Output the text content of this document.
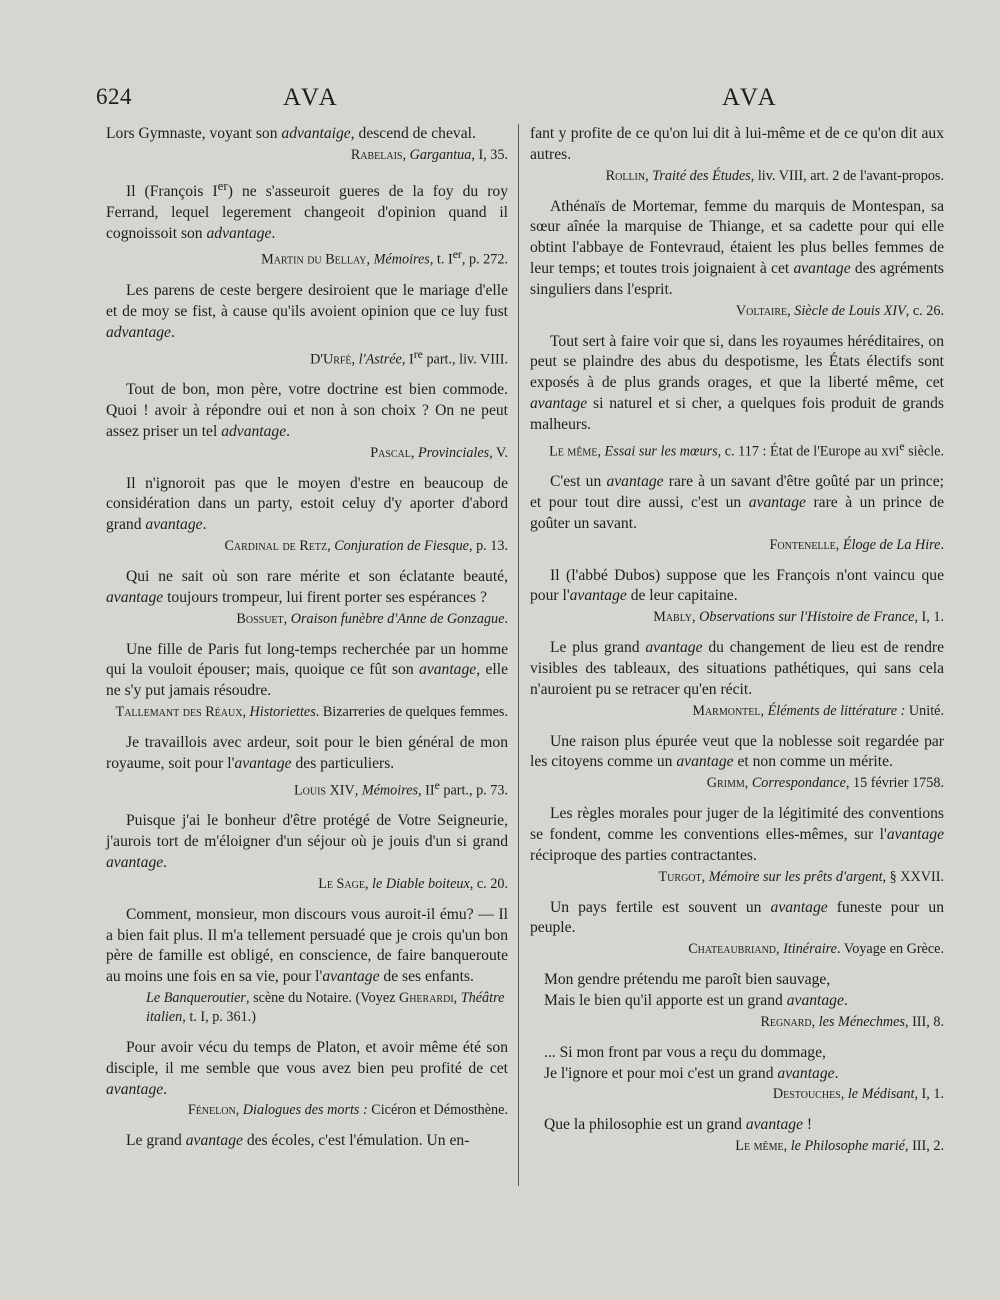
624	AVA	AVA

Lors Gymnaste, voyant son advantaige, descend de cheval.

Rabelais, Gargantua, I, 35.

Il (François Ier) ne s'asseuroit gueres de la foy du roy Ferrand, lequel legerement changeoit d'opinion quand il cognoissoit son advantage.

Martin du Bellay, Mémoires, t. Ier, p. 272.

Les parens de ceste bergere desiroient que le mariage d'elle et de moy se fist, à cause qu'ils avoient opinion que ce luy fust advantage.

D'Urfé, l'Astrée, Ire part., liv. VIII.

Tout de bon, mon père, votre doctrine est bien commode. Quoi ! avoir à répondre oui et non à son choix ? On ne peut assez priser un tel advantage.

Pascal, Provinciales, V.

Il n'ignoroit pas que le moyen d'estre en beaucoup de considération dans un party, estoit celuy d'y aporter d'abord grand avantage.

Cardinal de Retz, Conjuration de Fiesque, p. 13.

Qui ne sait où son rare mérite et son éclatante beauté, avantage toujours trompeur, lui firent porter ses espérances ?

Bossuet, Oraison funèbre d'Anne de Gonzague.

Une fille de Paris fut long-temps recherchée par un homme qui la vouloit épouser; mais, quoique ce fût son avantage, elle ne s'y put jamais résoudre.

Tallemant des Réaux, Historiettes. Bizarreries de quelques femmes.

Je travaillois avec ardeur, soit pour le bien général de mon royaume, soit pour l'avantage des particuliers.

Louis XIV, Mémoires, IIe part., p. 73.

Puisque j'ai le bonheur d'être protégé de Votre Seigneurie, j'aurois tort de m'éloigner d'un séjour où je jouis d'un si grand avantage.

Le Sage, le Diable boiteux, c. 20.

Comment, monsieur, mon discours vous auroit-il ému? — Il a bien fait plus. Il m'a tellement persuadé que je crois qu'un bon père de famille est obligé, en conscience, de faire banqueroute au moins une fois en sa vie, pour l'avantage de ses enfants.

Le Banqueroutier, scène du Notaire. (Voyez Gherardi, Théâtre italien, t. I, p. 361.)

Pour avoir vécu du temps de Platon, et avoir même été son disciple, il me semble que vous avez bien peu profité de cet avantage.

Fénelon, Dialogues des morts : Cicéron et Démosthène.

Le grand avantage des écoles, c'est l'émulation. Un en-

fant y profite de ce qu'on lui dit à lui-même et de ce qu'on dit aux autres.

Rollin, Traité des Études, liv. VIII, art. 2 de l'avant-propos.

Athénaïs de Mortemar, femme du marquis de Montespan, sa sœur aînée la marquise de Thiange, et sa cadette pour qui elle obtint l'abbaye de Fontevraud, étaient les plus belles femmes de leur temps; et toutes trois joignaient à cet avantage des agréments singuliers dans l'esprit.

Voltaire, Siècle de Louis XIV, c. 26.

Tout sert à faire voir que si, dans les royaumes héréditaires, on peut se plaindre des abus du despotisme, les États électifs sont exposés à de plus grands orages, et que la liberté même, cet avantage si naturel et si cher, a quelques fois produit de grands malheurs.

Le même, Essai sur les mœurs, c. 117 : État de l'Europe au xvi$^e$ siècle.

C'est un avantage rare à un savant d'être goûté par un prince; et pour tout dire aussi, c'est un avantage rare à un prince de goûter un savant.

Fontenelle, Éloge de La Hire.

Il (l'abbé Dubos) suppose que les François n'ont vaincu que pour l'avantage de leur capitaine.

Mably, Observations sur l'Histoire de France, I, 1.

Le plus grand avantage du changement de lieu est de rendre visibles des tableaux, des situations pathétiques, qui sans cela n'auroient pu se retracer qu'en récit.

Marmontel, Éléments de littérature : Unité.

Une raison plus épurée veut que la noblesse soit regardée par les citoyens comme un avantage et non comme un mérite.

Grimm, Correspondance, 15 février 1758.

Les règles morales pour juger de la légitimité des conventions se fondent, comme les conventions elles-mêmes, sur l'avantage réciproque des parties contractantes.

Turgot, Mémoire sur les prêts d'argent, § XXVII.

Un pays fertile est souvent un avantage funeste pour un peuple.

Chateaubriand, Itinéraire. Voyage en Grèce.

Mon gendre prétendu me paroît bien sauvage,

Mais le bien qu'il apporte est un grand avantage.

Regnard, les Ménechmes, III, 8.

... Si mon front par vous a reçu du dommage,

Je l'ignore et pour moi c'est un grand avantage.

Destouches, le Médisant, I, 1.

Que la philosophie est un grand avantage !

Le même, le Philosophe marié, III, 2.
